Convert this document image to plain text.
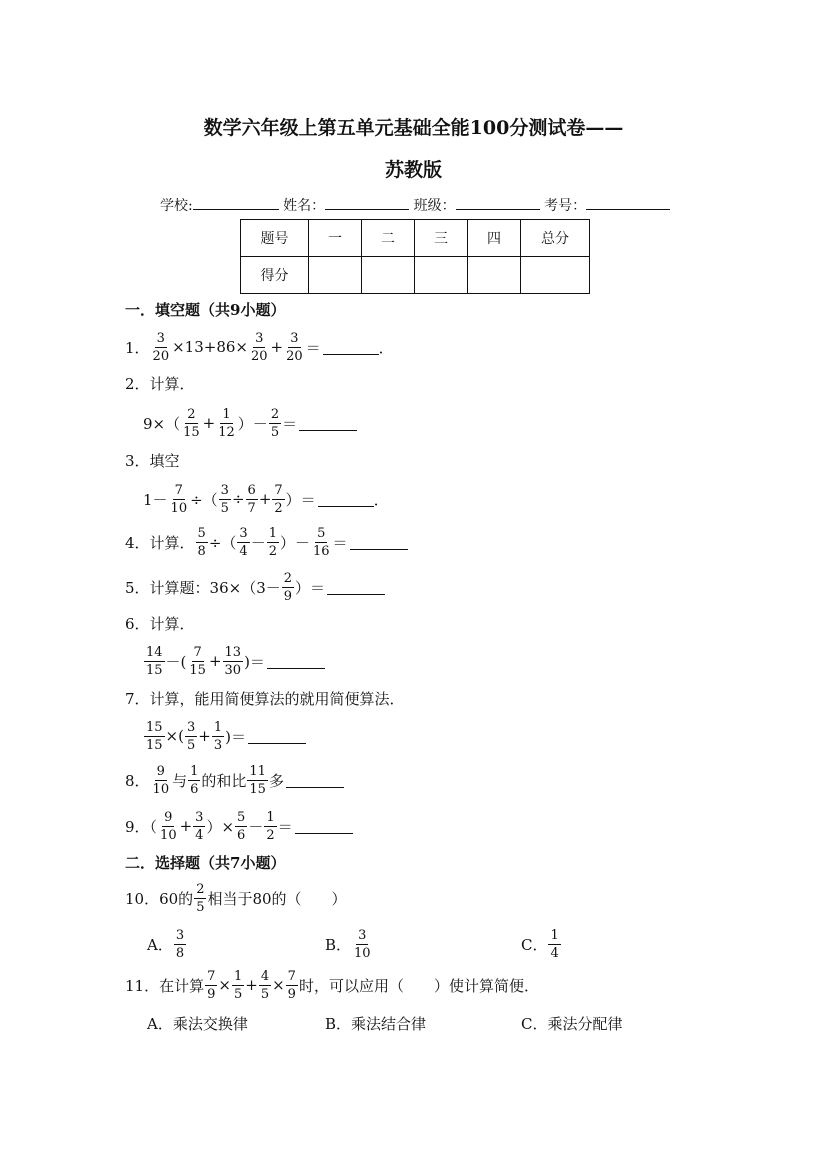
数学六年级上第五单元基础全能100分测试卷——
苏教版
学校:	姓名：	班级：	考号：
题号	一	二	三	四	总分
得分					
一．填空题（共9小题）
1． $\frac{3}{20} \times 13+86\times \frac{3}{20} + \frac{3}{20}$ ＝	．
2．计算．
$9\times( \frac{2}{15} + \frac{1}{12}$ ）－ $\frac{2}{5}$ ＝
3．填空
$1- \frac{7}{10}$ ÷（ $\frac{3}{5} \div \frac{6}{7} + \frac{7}{2}$ ）＝	．
4．计算． $\frac{5}{8}$ ÷（ $\frac{3}{4} - \frac{1}{2}$ ）－ $\frac{5}{16}$ ＝
5．计算题：$36\times(3- \frac{2}{9}$ ）＝
6．计算．
$\frac{14}{15}$ －( $\frac{7}{15} + \frac{13}{30}$ )＝
7．计算，能用简便算法的就用简便算法．
$\frac{15}{15}$ ×( $\frac{3}{5} + \frac{1}{3}$ )＝
8． $\frac{9}{10}$ 与 $\frac{1}{6}$ 的和比 $\frac{11}{15}$ 多
9．（ $\frac{9}{10} + \frac{3}{4}$ ）× $\frac{5}{6} - \frac{1}{2}$ ＝
二．选择题（共7小题）
10．60的 $\frac{2}{5}$ 相当于80的（　　）
A． $\frac{3}{8}$	B． $\frac{3}{10}$	C． $\frac{1}{4}$
11．在计算 $\frac{7}{9} \times \frac{1}{5} + \frac{4}{5} \times \frac{7}{9}$ 时，可以应用（　　）使计算简便．
A．乘法交换律	B．乘法结合律	C．乘法分配律
